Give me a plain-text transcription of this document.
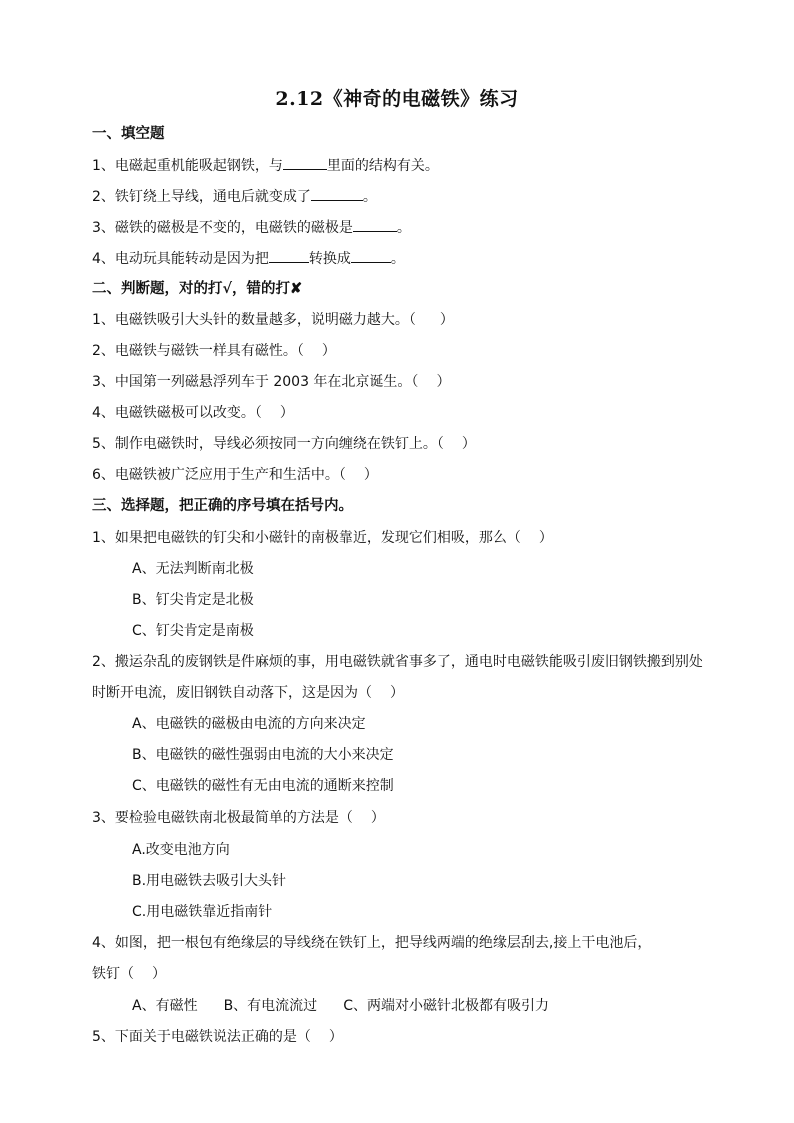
2.12《神奇的电磁铁》练习
一、填空题
1、电磁起重机能吸起钢铁，与	里面的结构有关。
2、铁钉绕上导线，通电后就变成了	。
3、磁铁的磁极是不变的，电磁铁的磁极是	。
4、电动玩具能转动是因为把	转换成	。
二、判断题，对的打√，错的打✘
1、电磁铁吸引大头针的数量越多，说明磁力越大。（ ）
2、电磁铁与磁铁一样具有磁性。（ ）
3、中国第一列磁悬浮列车于 2003 年在北京诞生。（ ）
4、电磁铁磁极可以改变。（ ）
5、制作电磁铁时，导线必须按同一方向缠绕在铁钉上。（ ）
6、电磁铁被广泛应用于生产和生活中。（ ）
三、选择题，把正确的序号填在括号内。
1、如果把电磁铁的钉尖和小磁针的南极靠近，发现它们相吸，那么（ ）
A、无法判断南北极
B、钉尖肯定是北极
C、钉尖肯定是南极
2、搬运杂乱的废钢铁是件麻烦的事，用电磁铁就省事多了，通电时电磁铁能吸引废旧钢铁搬到别处
时断开电流，废旧钢铁自动落下，这是因为（ ）
A、电磁铁的磁极由电流的方向来决定
B、电磁铁的磁性强弱由电流的大小来决定
C、电磁铁的磁性有无由电流的通断来控制
3、要检验电磁铁南北极最简单的方法是（ ）
A.改变电池方向
B.用电磁铁去吸引大头针
C.用电磁铁靠近指南针
4、如图，把一根包有绝缘层的导线绕在铁钉上，把导线两端的绝缘层刮去,接上干电池后，
铁钉（ ）
A、有磁性 B、有电流流过 C、两端对小磁针北极都有吸引力
5、下面关于电磁铁说法正确的是（ ）
